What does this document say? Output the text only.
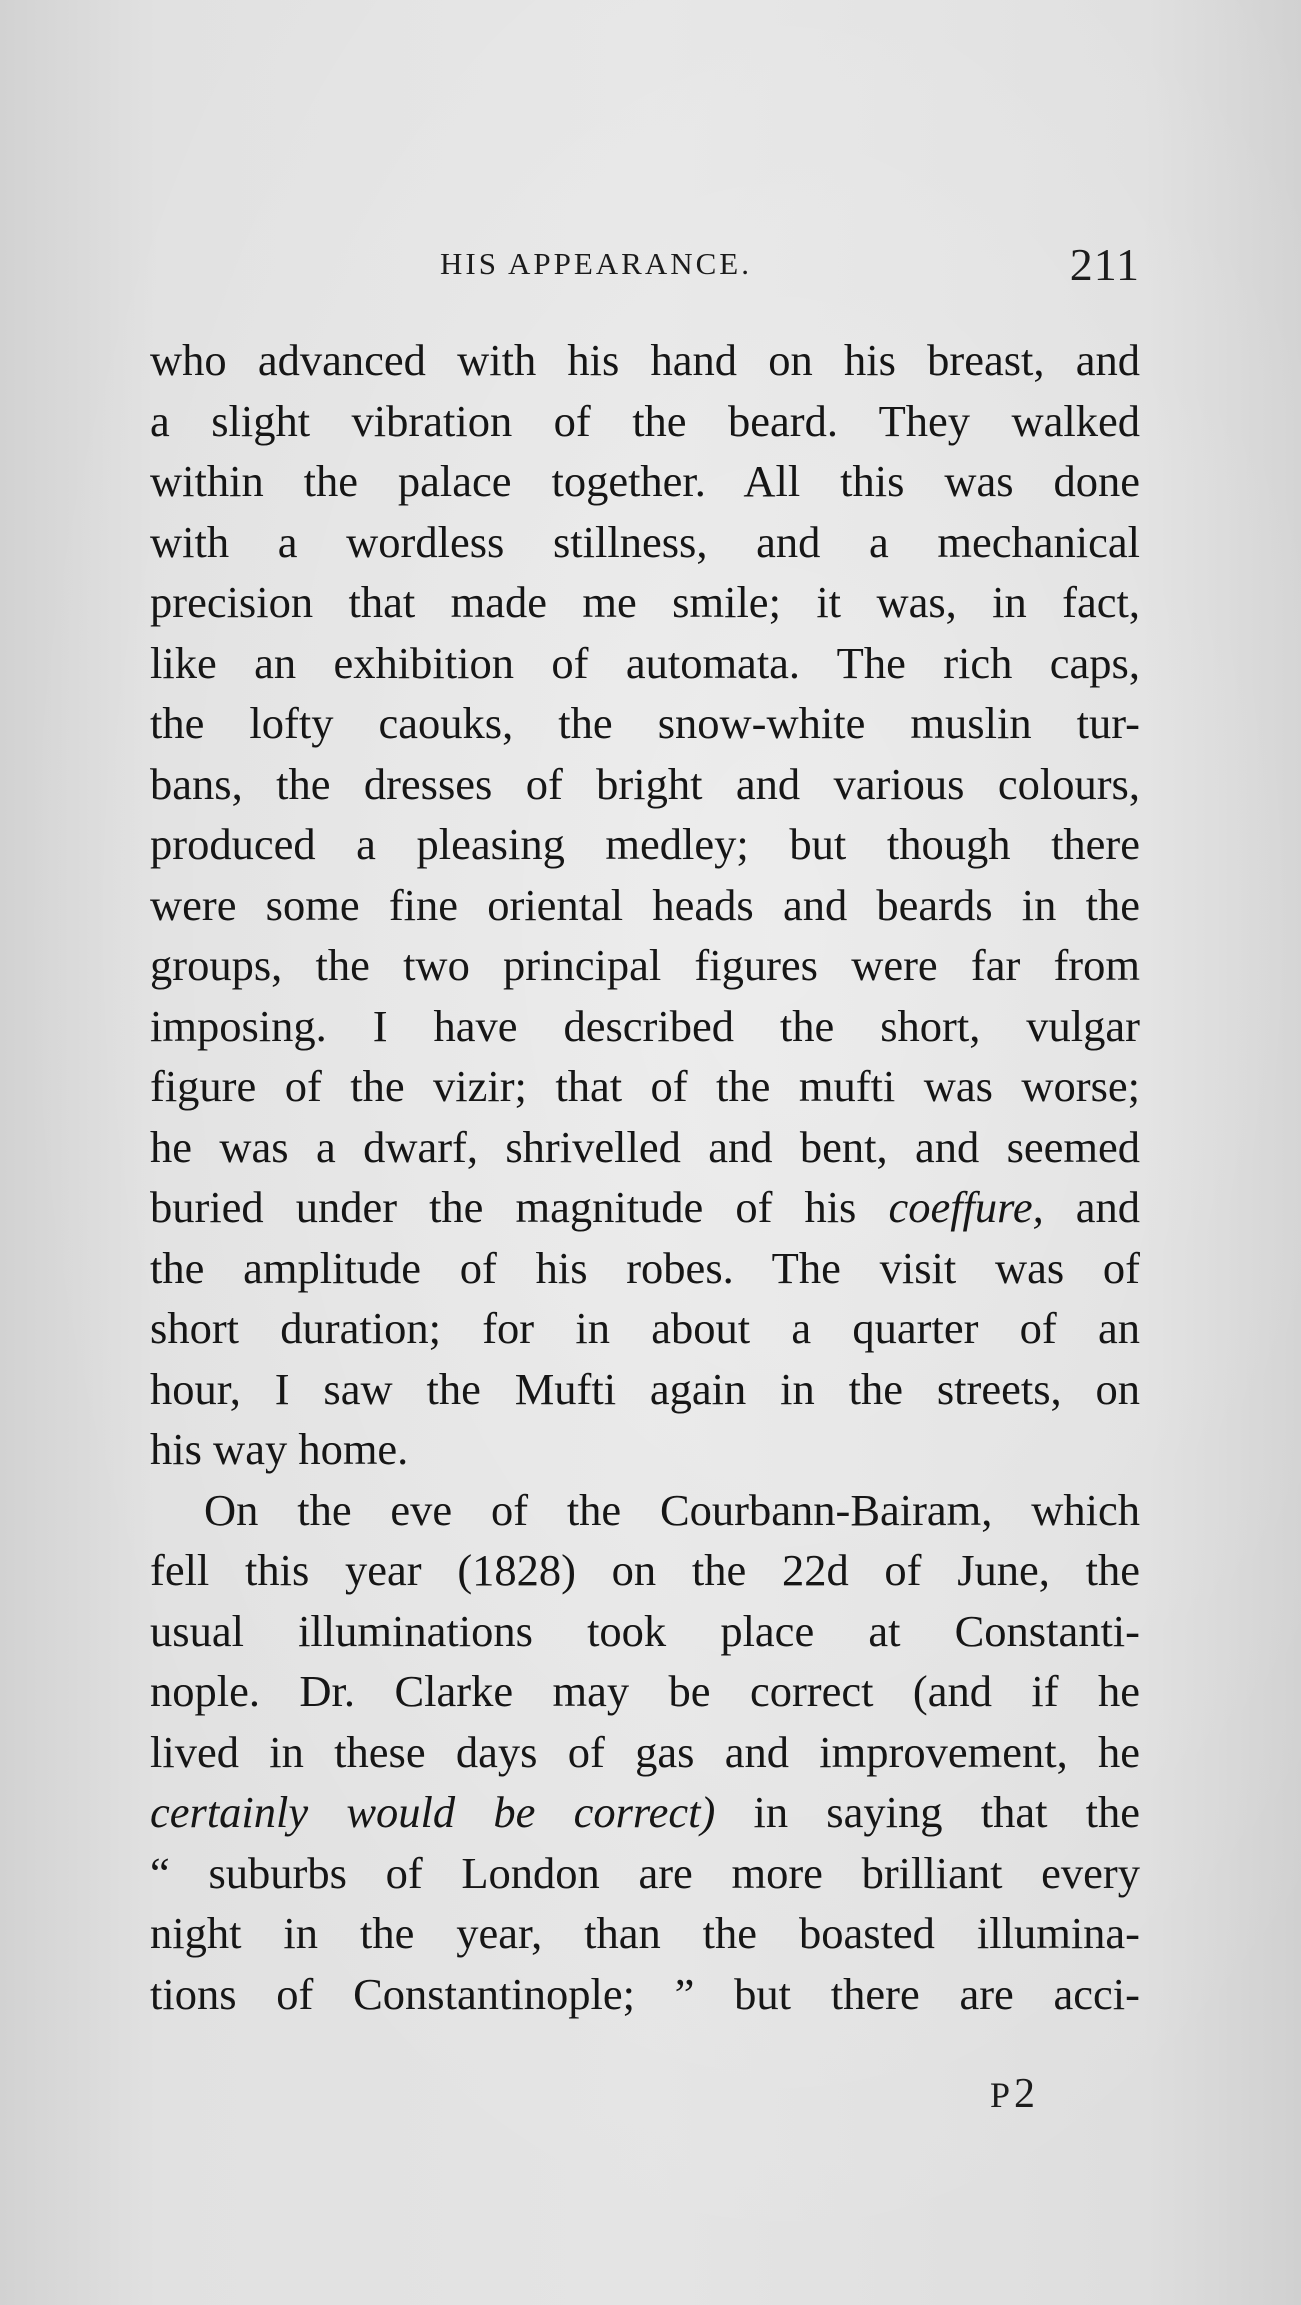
HIS APPEARANCE.	211
who advanced with his hand on his breast, and
a slight vibration of the beard. They walked
within the palace together. All this was done
with a wordless stillness, and a mechanical
precision that made me smile; it was, in fact,
like an exhibition of automata. The rich caps,
the lofty caouks, the snow-white muslin tur-
bans, the dresses of bright and various colours,
produced a pleasing medley; but though there
were some fine oriental heads and beards in the
groups, the two principal figures were far from
imposing. I have described the short, vulgar
figure of the vizir; that of the mufti was worse;
he was a dwarf, shrivelled and bent, and seemed
buried under the magnitude of his coeffure, and
the amplitude of his robes. The visit was of
short duration; for in about a quarter of an
hour, I saw the Mufti again in the streets, on
his way home.
On the eve of the Courbann-Bairam, which
fell this year (1828) on the 22d of June, the
usual illuminations took place at Constanti-
nople. Dr. Clarke may be correct (and if he
lived in these days of gas and improvement, he
certainly would be correct) in saying that the
“ suburbs of London are more brilliant every
night in the year, than the boasted illumina-
tions of Constantinople; ” but there are acci-
P2
